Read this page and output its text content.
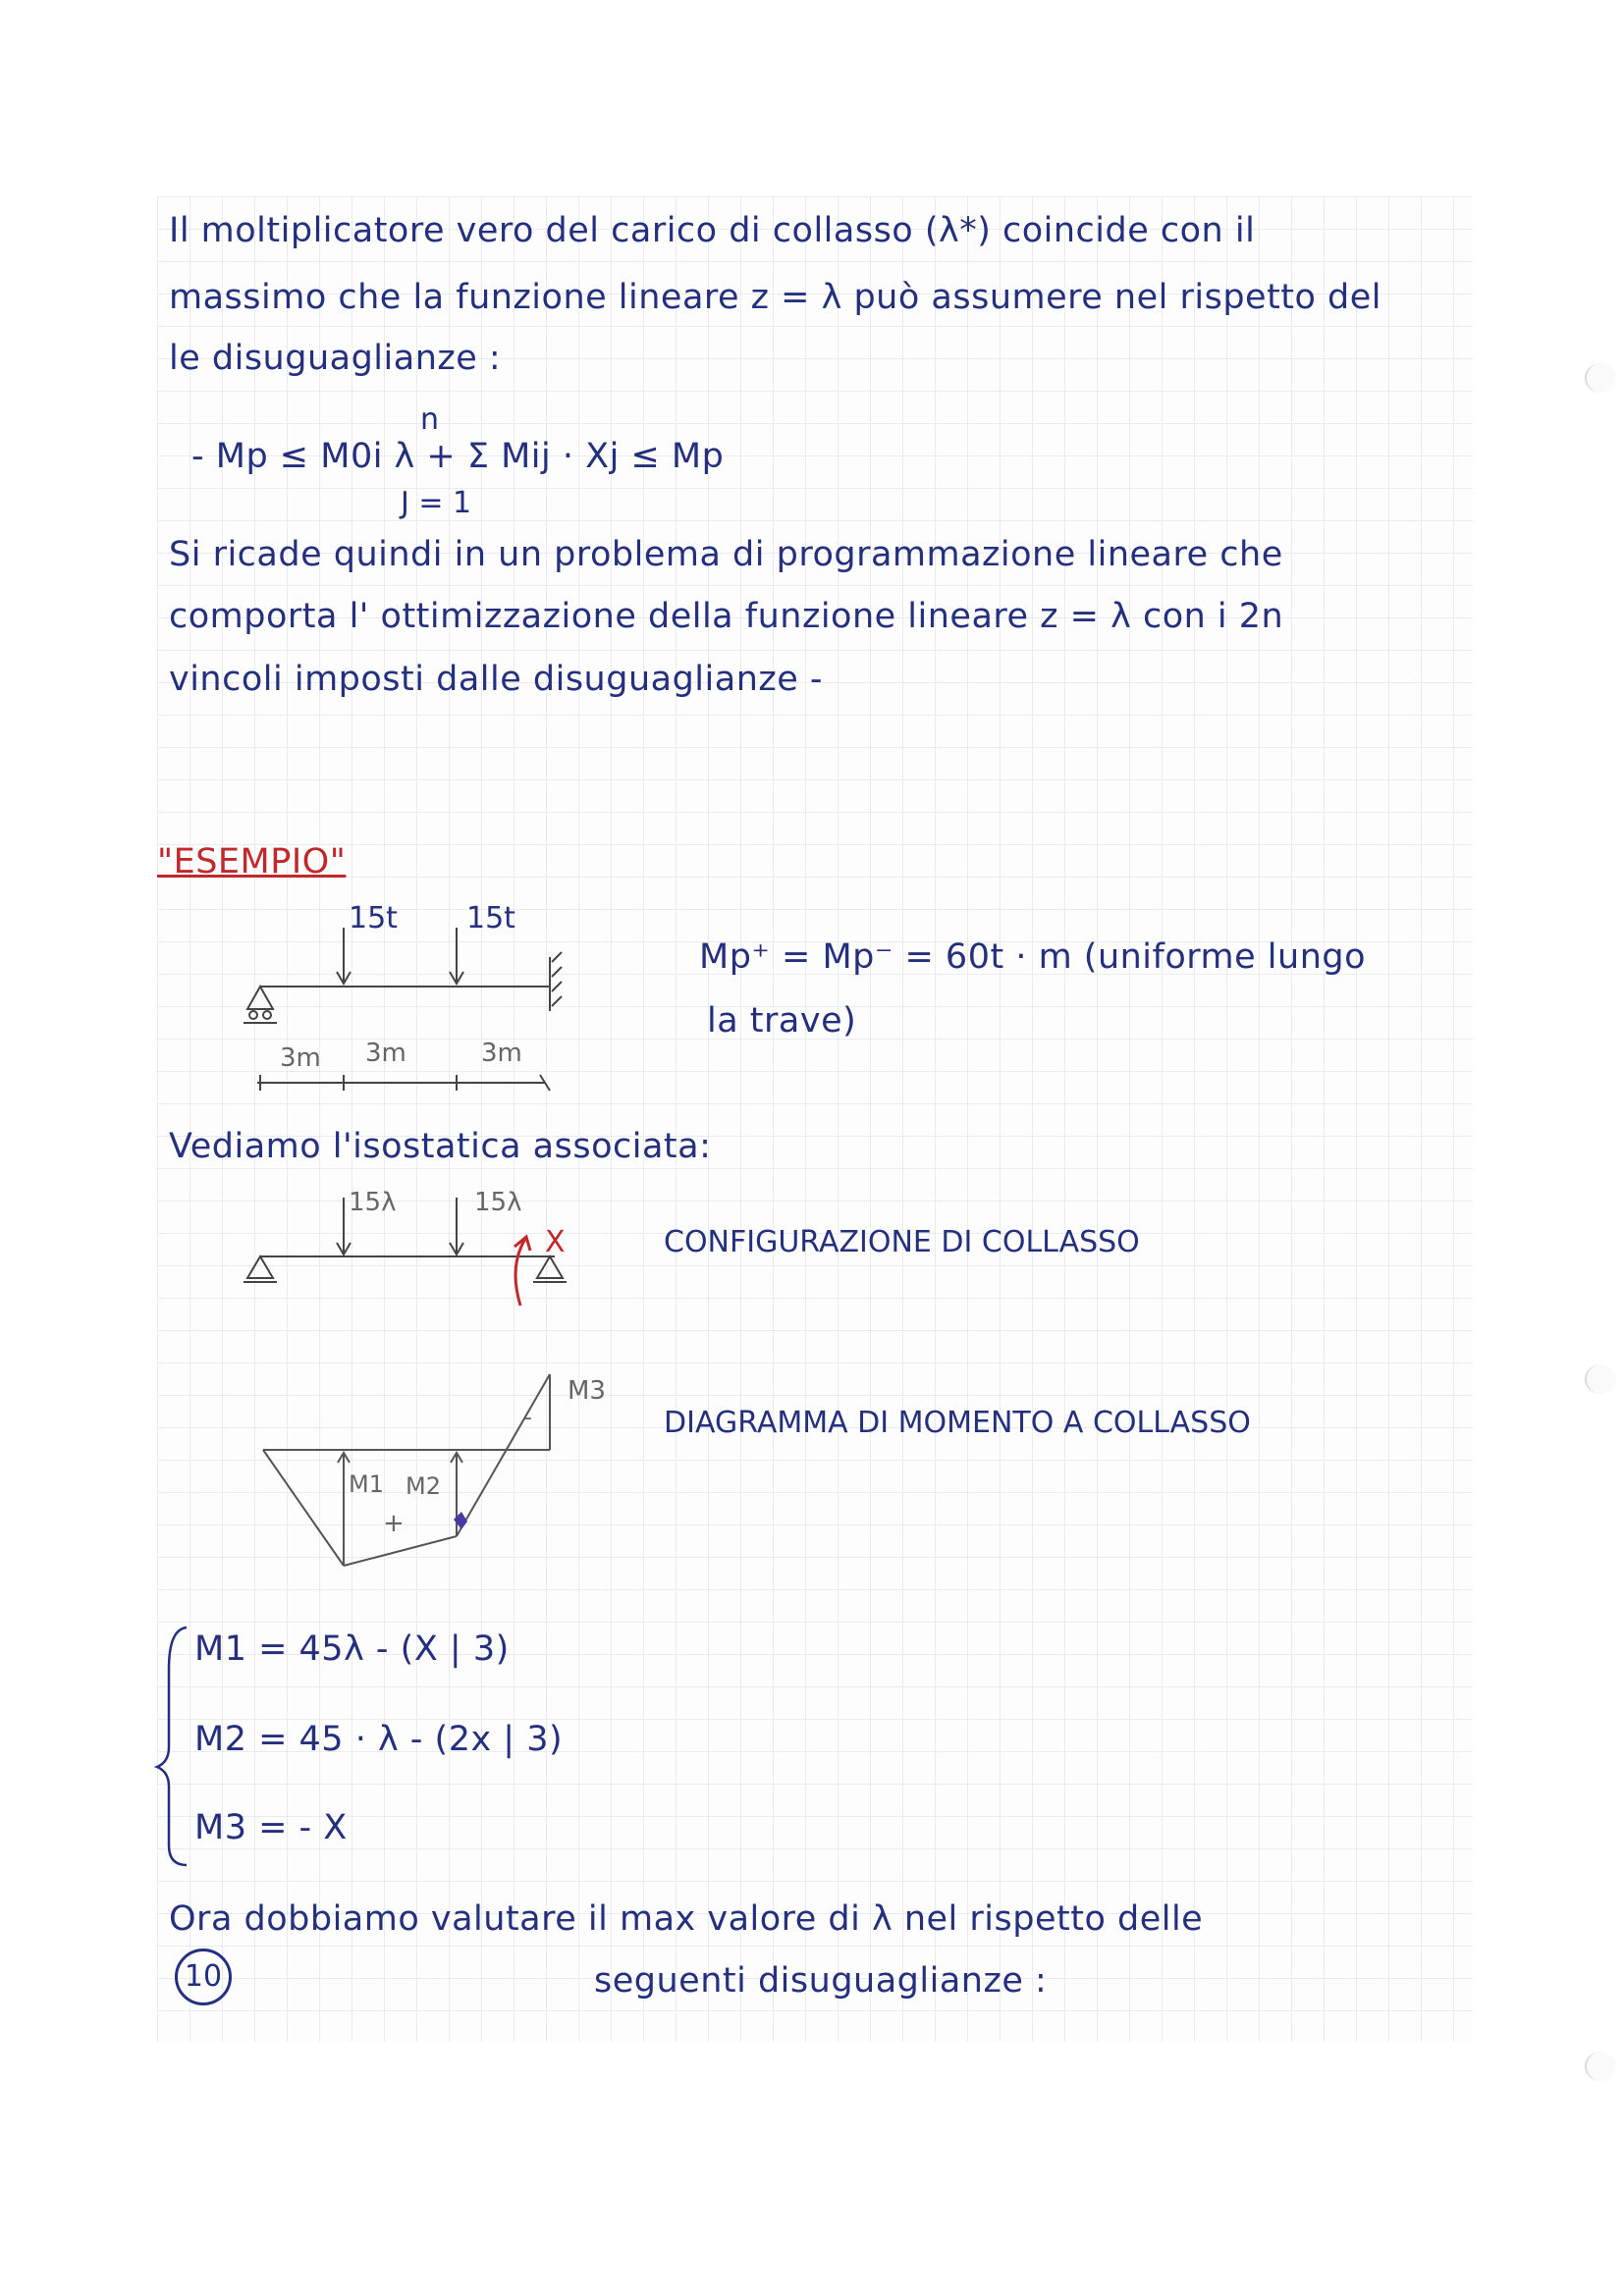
Il moltiplicatore vero del carico di collasso (λ*) coincide con il
massimo che la funzione lineare z = λ può assumere nel rispetto del
le disuguaglianze :
n
- Mp ≤ M0i λ + Σ Mij · Xj ≤ Mp
J = 1
Si ricade quindi in un problema di programmazione lineare che
comporta l' ottimizzazione della funzione lineare z = λ con i 2n
vincoli imposti dalle disuguaglianze -
"ESEMPIO"
15t 15t
3m 3m	3m
Mp⁺ = Mp⁻ = 60t · m (uniforme lungo
la trave)
Vediamo l'isostatica associata:
15λ	15λ
X	CONFIGURAZIONE DI COLLASSO
M3
-
M1 M2
+
DIAGRAMMA DI MOMENTO A COLLASSO
M1 = 45λ - (X | 3)
M2 = 45 · λ - (2x | 3)
M3 = - X
Ora dobbiamo valutare il max valore di λ nel rispetto delle
10	seguenti disuguaglianze :
